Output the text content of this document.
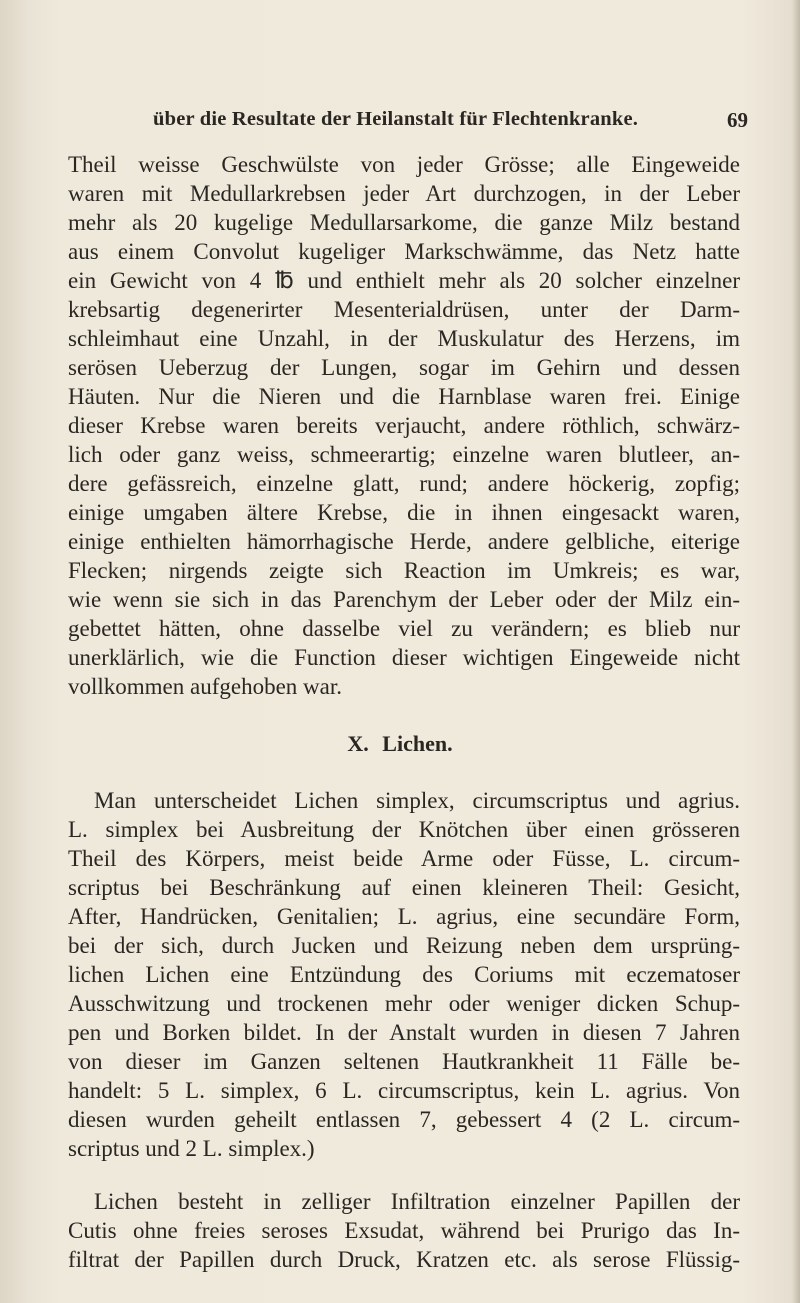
über die Resultate der Heilanstalt für Flechtenkranke.	69
Theil weisse Geschwülste von jeder Grösse; alle Eingeweide
waren mit Medullarkrebsen jeder Art durchzogen, in der Leber
mehr als 20 kugelige Medullarsarkome, die ganze Milz bestand
aus einem Convolut kugeliger Markschwämme, das Netz hatte
ein Gewicht von 4 ℔ und enthielt mehr als 20 solcher einzelner
krebsartig degenerirter Mesenterialdrüsen, unter der Darm-
schleimhaut eine Unzahl, in der Muskulatur des Herzens, im
serösen Ueberzug der Lungen, sogar im Gehirn und dessen
Häuten. Nur die Nieren und die Harnblase waren frei. Einige
dieser Krebse waren bereits verjaucht, andere röthlich, schwärz-
lich oder ganz weiss, schmeerartig; einzelne waren blutleer, an-
dere gefässreich, einzelne glatt, rund; andere höckerig, zopfig;
einige umgaben ältere Krebse, die in ihnen eingesackt waren,
einige enthielten hämorrhagische Herde, andere gelbliche, eiterige
Flecken; nirgends zeigte sich Reaction im Umkreis; es war,
wie wenn sie sich in das Parenchym der Leber oder der Milz ein-
gebettet hätten, ohne dasselbe viel zu verändern; es blieb nur
unerklärlich, wie die Function dieser wichtigen Eingeweide nicht
vollkommen aufgehoben war.
X. Lichen.
Man unterscheidet Lichen simplex, circumscriptus und agrius.
L. simplex bei Ausbreitung der Knötchen über einen grösseren
Theil des Körpers, meist beide Arme oder Füsse, L. circum-
scriptus bei Beschränkung auf einen kleineren Theil: Gesicht,
After, Handrücken, Genitalien; L. agrius, eine secundäre Form,
bei der sich, durch Jucken und Reizung neben dem ursprüng-
lichen Lichen eine Entzündung des Coriums mit eczematoser
Ausschwitzung und trockenen mehr oder weniger dicken Schup-
pen und Borken bildet. In der Anstalt wurden in diesen 7 Jahren
von dieser im Ganzen seltenen Hautkrankheit 11 Fälle be-
handelt: 5 L. simplex, 6 L. circumscriptus, kein L. agrius. Von
diesen wurden geheilt entlassen 7, gebessert 4 (2 L. circum-
scriptus und 2 L. simplex.)
Lichen besteht in zelliger Infiltration einzelner Papillen der
Cutis ohne freies seroses Exsudat, während bei Prurigo das In-
filtrat der Papillen durch Druck, Kratzen etc. als serose Flüssig-
